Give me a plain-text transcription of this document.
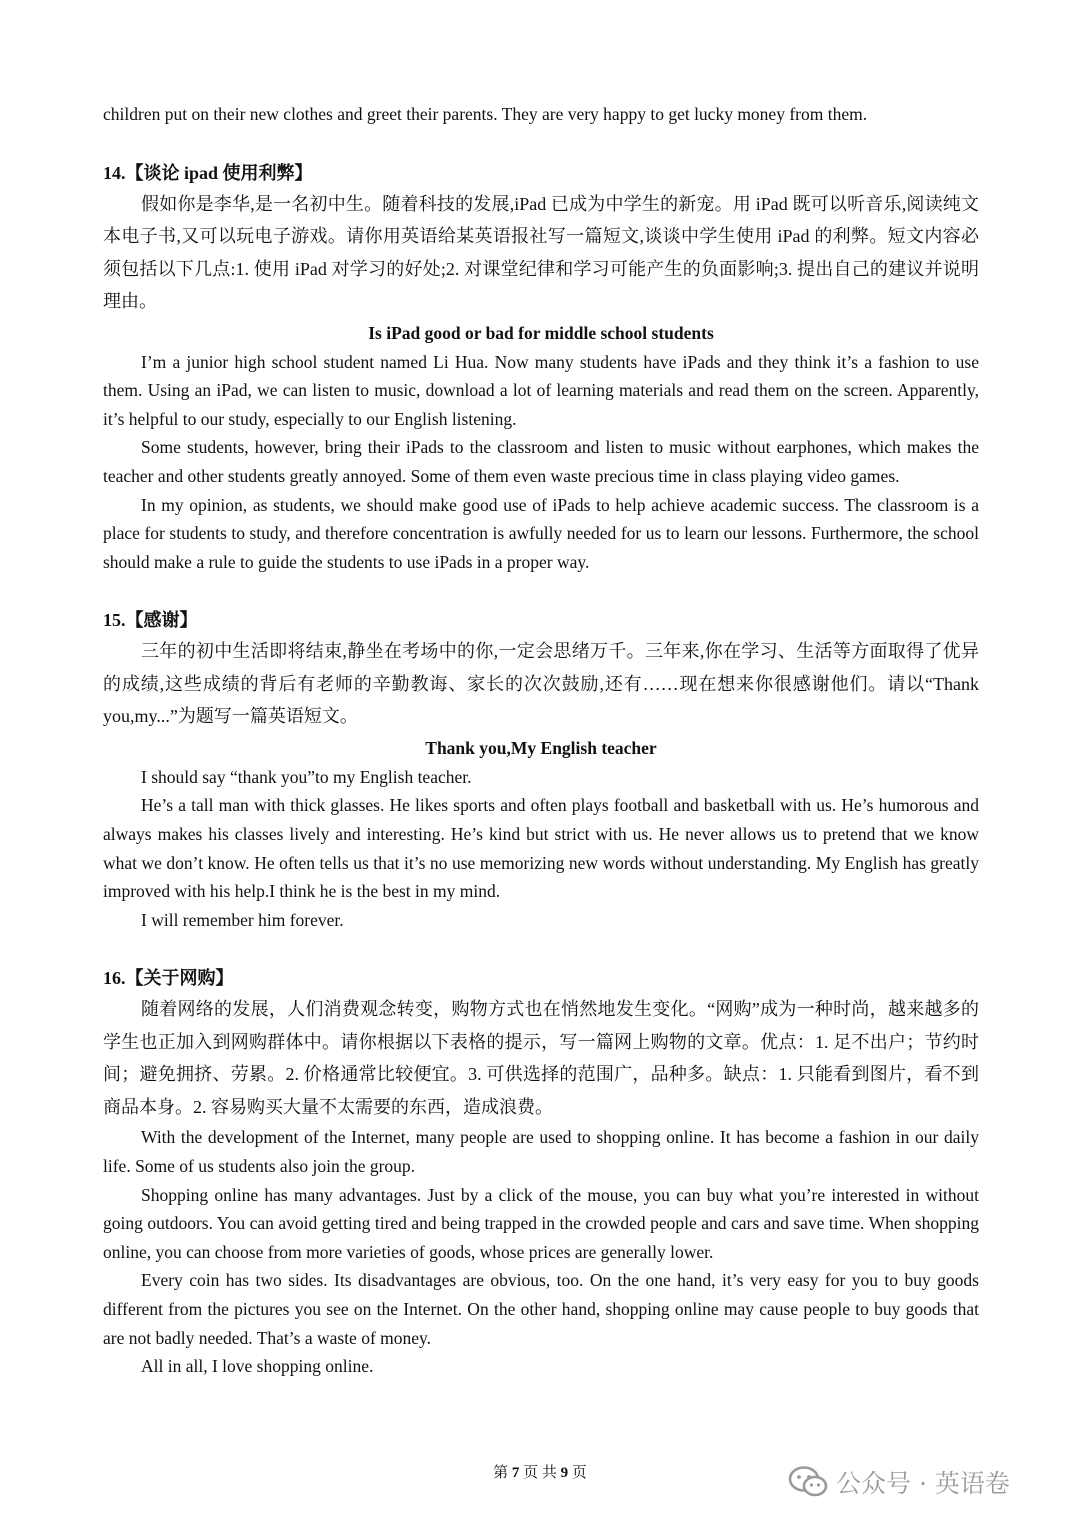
children put on their new clothes and greet their parents. They are very happy to get lucky money from them.

14.【谈论 ipad 使用利弊】

假如你是李华,是一名初中生。随着科技的发展,iPad 已成为中学生的新宠。用 iPad 既可以听音乐,阅读纯文本电子书,又可以玩电子游戏。请你用英语给某英语报社写一篇短文,谈谈中学生使用 iPad 的利弊。短文内容必须包括以下几点:1. 使用 iPad 对学习的好处;2. 对课堂纪律和学习可能产生的负面影响;3. 提出自己的建议并说明理由。

Is iPad good or bad for middle school students

I’m a junior high school student named Li Hua. Now many students have iPads and they think it’s a fashion to use them. Using an iPad, we can listen to music, download a lot of learning materials and read them on the screen. Apparently, it’s helpful to our study, especially to our English listening.

Some students, however, bring their iPads to the classroom and listen to music without earphones, which makes the teacher and other students greatly annoyed. Some of them even waste precious time in class playing video games.

In my opinion, as students, we should make good use of iPads to help achieve academic success. The classroom is a place for students to study, and therefore concentration is awfully needed for us to learn our lessons. Furthermore, the school should make a rule to guide the students to use iPads in a proper way.

15.【感谢】

三年的初中生活即将结束,静坐在考场中的你,一定会思绪万千。三年来,你在学习、生活等方面取得了优异的成绩,这些成绩的背后有老师的辛勤教诲、家长的次次鼓励,还有……现在想来你很感谢他们。请以“Thank you,my...”为题写一篇英语短文。

Thank you,My English teacher

I should say “thank you”to my English teacher.

He’s a tall man with thick glasses. He likes sports and often plays football and basketball with us. He’s humorous and always makes his classes lively and interesting. He’s kind but strict with us. He never allows us to pretend that we know what we don’t know. He often tells us that it’s no use memorizing new words without understanding. My English has greatly improved with his help.I think he is the best in my mind.

I will remember him forever.

16.【关于网购】

随着网络的发展，人们消费观念转变，购物方式也在悄然地发生变化。“网购”成为一种时尚，越来越多的学生也正加入到网购群体中。请你根据以下表格的提示，写一篇网上购物的文章。优点：1. 足不出户；节约时间；避免拥挤、劳累。2. 价格通常比较便宜。3. 可供选择的范围广，品种多。缺点：1. 只能看到图片，看不到商品本身。2. 容易购买大量不太需要的东西，造成浪费。

With the development of the Internet, many people are used to shopping online. It has become a fashion in our daily life. Some of us students also join the group.

Shopping online has many advantages. Just by a click of the mouse, you can buy what you’re interested in without going outdoors. You can avoid getting tired and being trapped in the crowded people and cars and save time. When shopping online, you can choose from more varieties of goods, whose prices are generally lower.

Every coin has two sides. Its disadvantages are obvious, too. On the one hand, it’s very easy for you to buy goods different from the pictures you see on the Internet. On the other hand, shopping online may cause people to buy goods that are not badly needed. That’s a waste of money.

All in all, I love shopping online.

第 7 页 共 9 页	公众号 · 英语卷
